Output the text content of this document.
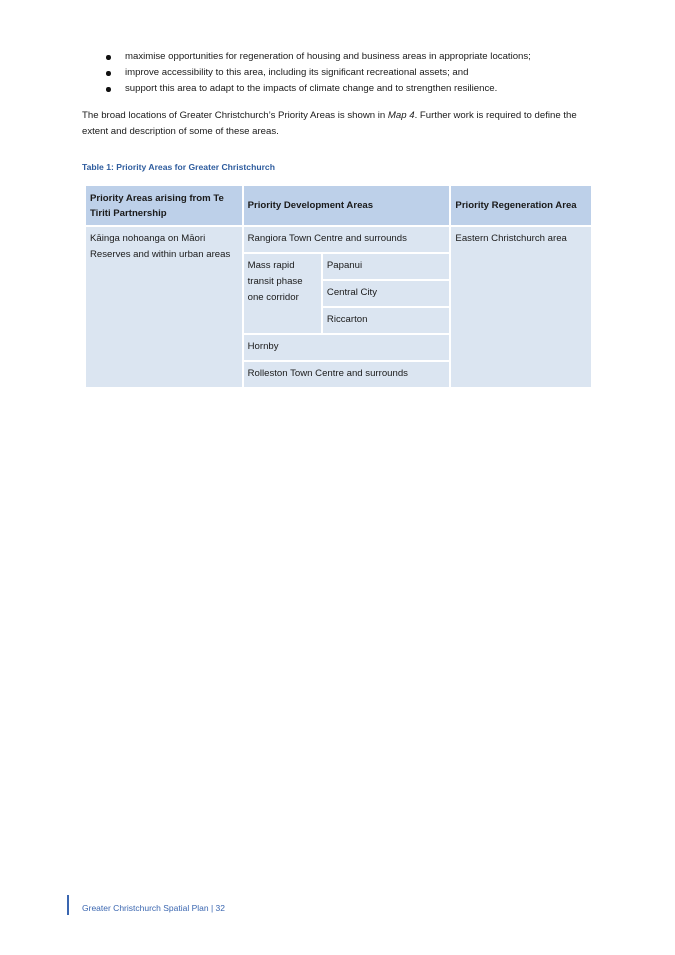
maximise opportunities for regeneration of housing and business areas in appropriate locations;
improve accessibility to this area, including its significant recreational assets; and
support this area to adapt to the impacts of climate change and to strengthen resilience.

The broad locations of Greater Christchurch’s Priority Areas is shown in Map 4. Further work is required to define the extent and description of some of these areas.

Table 1: Priority Areas for Greater Christchurch

Priority Areas arising from Te Tiriti Partnership	Priority Development Areas		Priority Regeneration Area
Kāinga nohoanga on Māori Reserves and within urban areas	Rangiora Town Centre and surrounds		Eastern Christchurch area
	Mass rapid transit phase one corridor	Papanui	
		Central City	
		Riccarton	
	Hornby		
	Rolleston Town Centre and surrounds		
Greater Christchurch Spatial Plan | 32
